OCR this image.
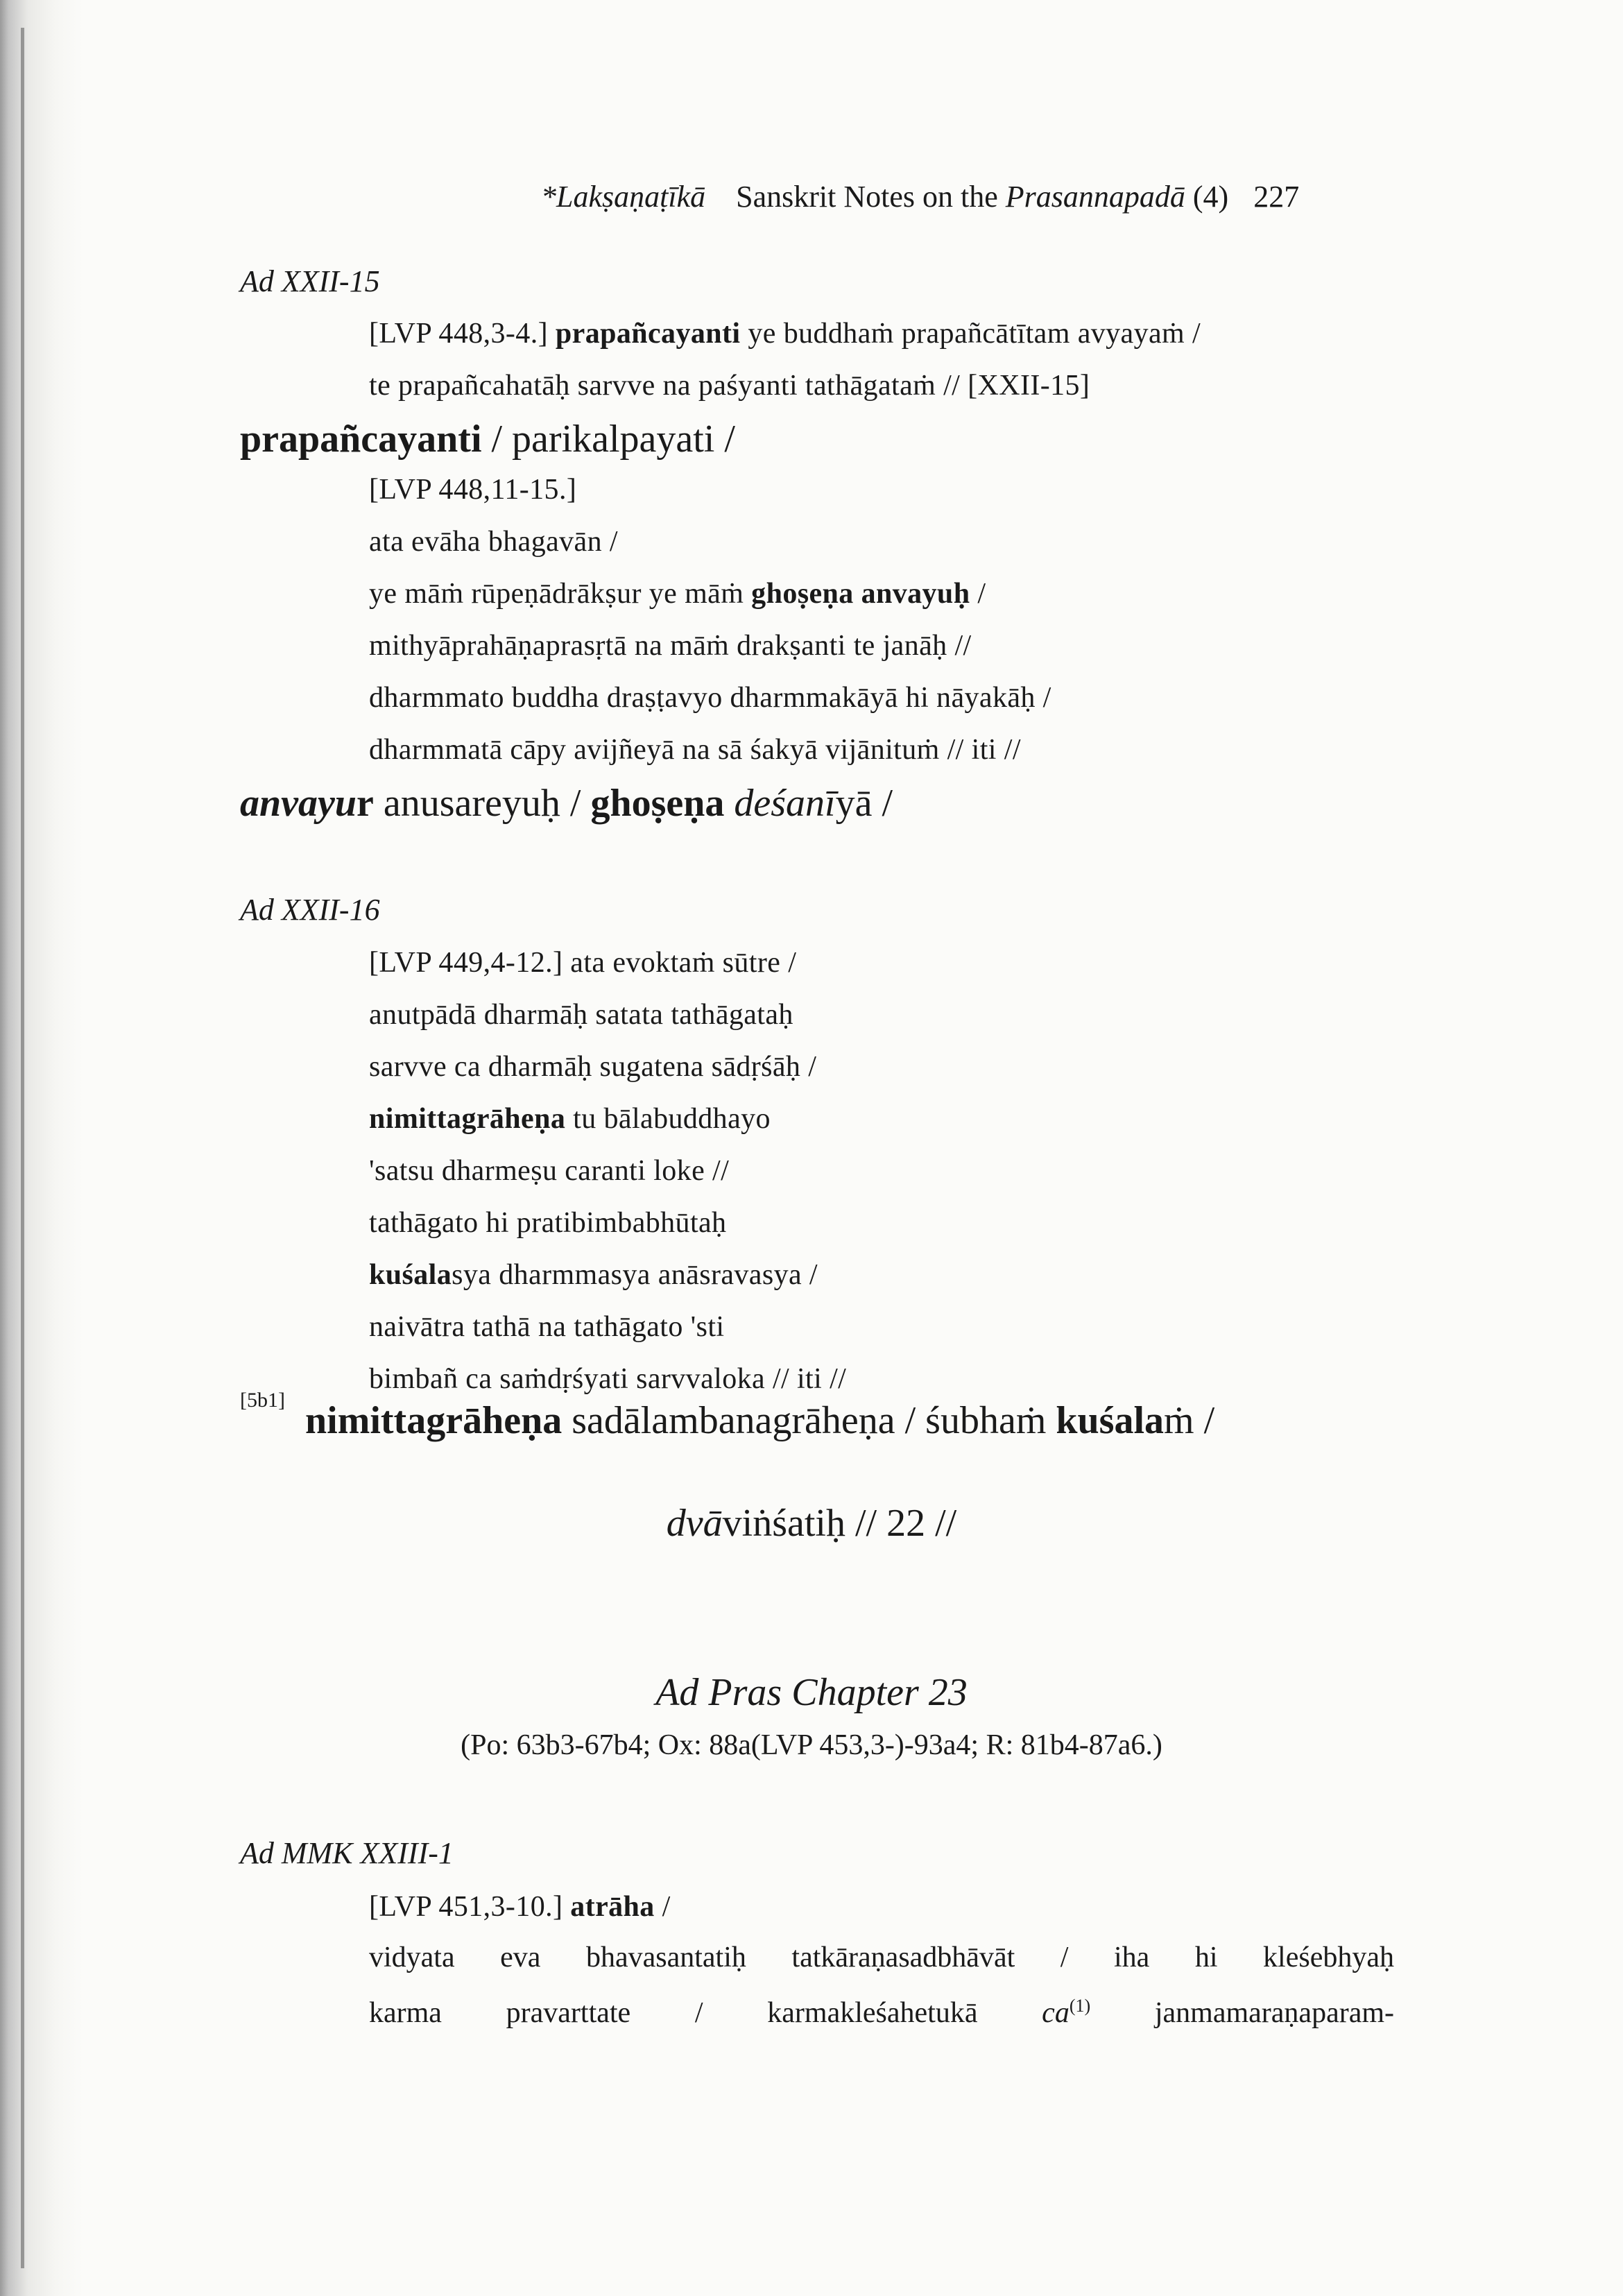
*Lakṣaṇaṭīkā Sanskrit Notes on the Prasannapadā (4) 227
Ad XXII-15
[LVP 448,3-4.] prapañcayanti ye buddhaṁ prapañcātītam avyayaṁ /
te prapañcahatāḥ sarvve na paśyanti tathāgataṁ // [XXII-15]
prapañcayanti / parikalpayati /
[LVP 448,11-15.]
ata evāha bhagavān /
ye māṁ rūpeṇādrākṣur ye māṁ ghoṣeṇa anvayuḥ /
mithyāprahāṇaprasṛtā na māṁ drakṣanti te janāḥ //
dharmmato buddha draṣṭavyo dharmmakāyā hi nāyakāḥ /
dharmmatā cāpy avijñeyā na sā śakyā vijānituṁ // iti //
anvayur anusareyuḥ / ghoṣeṇa deśanīyā /
Ad XXII-16
[LVP 449,4-12.] ata evoktaṁ sūtre /
anutpādā dharmāḥ satata tathāgataḥ
sarvve ca dharmāḥ sugatena sādṛśāḥ /
nimittagrāheṇa tu bālabuddhayo
'satsu dharmeṣu caranti loke //
tathāgato hi pratibimbabhūtaḥ
kuśalasya dharmmasya anāsravasya /
naivātra tathā na tathāgato 'sti
bimbañ ca saṁdṛśyati sarvvaloka // iti //
[5b1] nimittagrāheṇa sadālambanagrāheṇa / śubhaṁ kuśalaṁ /
dvāviṅśatiḥ // 22 //
Ad Pras Chapter 23
(Po: 63b3-67b4; Ox: 88a(LVP 453,3-)-93a4; R: 81b4-87a6.)
Ad MMK XXIII-1
[LVP 451,3-10.] atrāha /
vidyata eva bhavasantatiḥ tatkāraṇasadbhāvāt / iha hi kleśebhyaḥ
karma pravarttate / karmakleśahetukā $ca^{(1)}$ janmamaraṇaparam-
